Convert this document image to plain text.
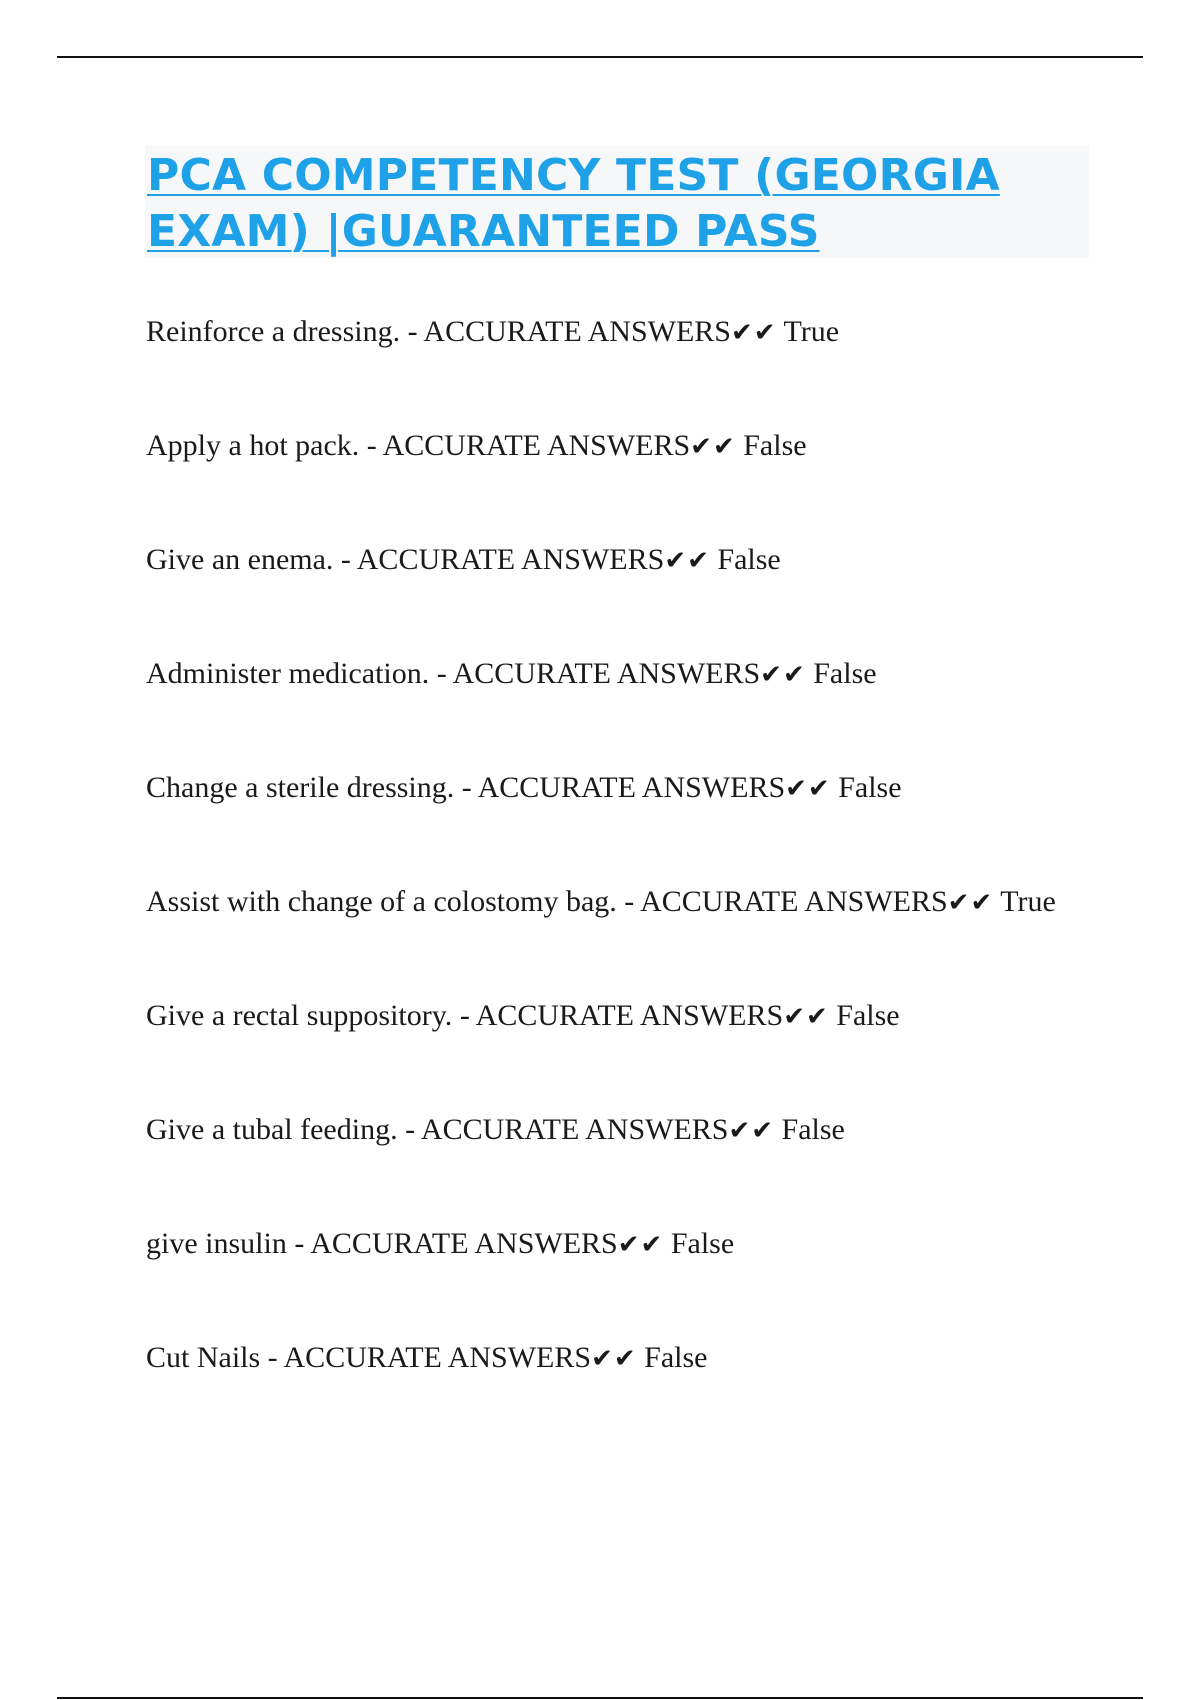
PCA COMPETENCY TEST (GEORGIA EXAM) |GUARANTEED PASS
Reinforce a dressing. - ACCURATE ANSWERS✔✔ True
Apply a hot pack. - ACCURATE ANSWERS✔✔ False
Give an enema. - ACCURATE ANSWERS✔✔ False
Administer medication. - ACCURATE ANSWERS✔✔ False
Change a sterile dressing. - ACCURATE ANSWERS✔✔ False
Assist with change of a colostomy bag. - ACCURATE ANSWERS✔✔ True
Give a rectal suppository. - ACCURATE ANSWERS✔✔ False
Give a tubal feeding. - ACCURATE ANSWERS✔✔ False
give insulin - ACCURATE ANSWERS✔✔ False
Cut Nails - ACCURATE ANSWERS✔✔ False
